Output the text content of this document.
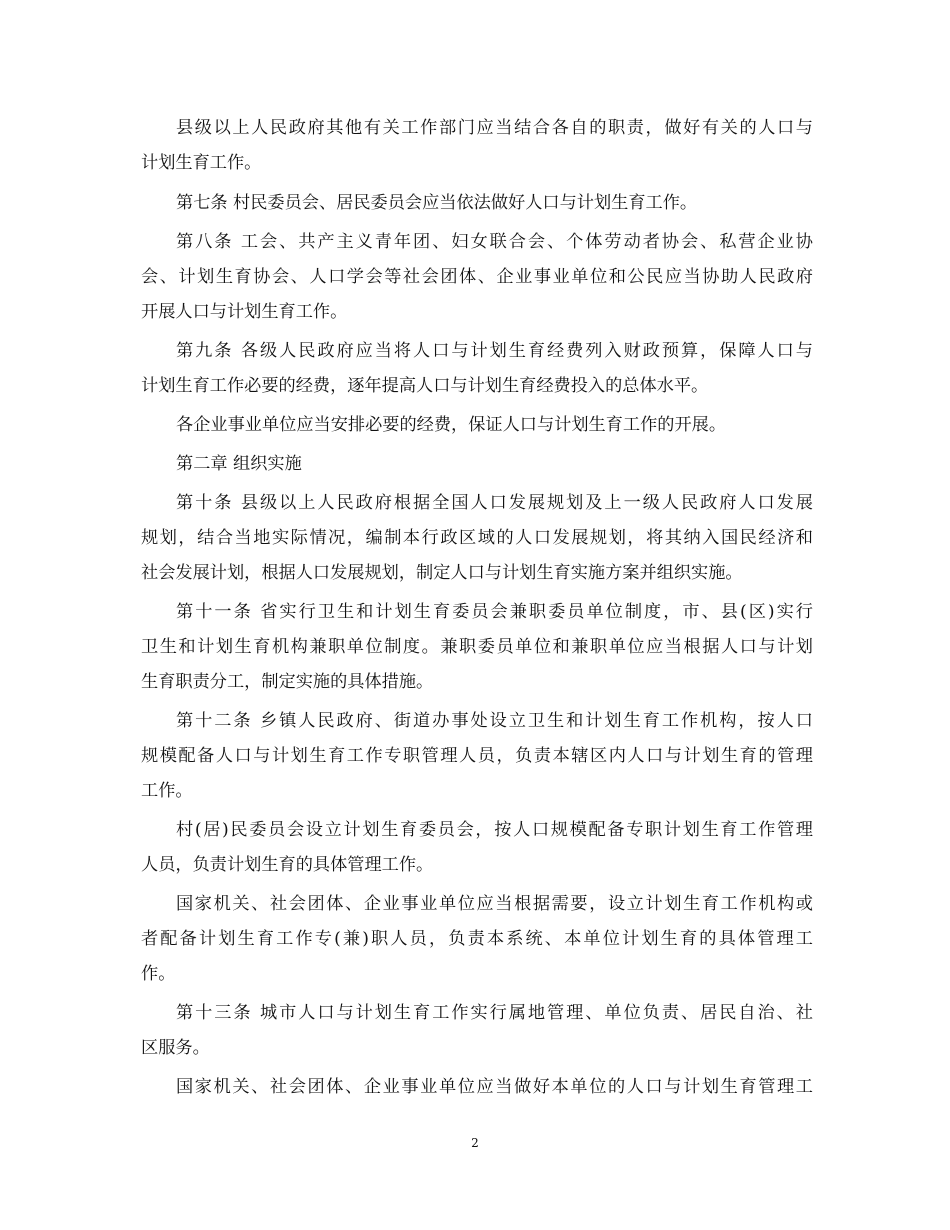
县级以上人民政府其他有关工作部门应当结合各自的职责，做好有关的人口与
计划生育工作。
第七条 村民委员会、居民委员会应当依法做好人口与计划生育工作。
第八条 工会、共产主义青年团、妇女联合会、个体劳动者协会、私营企业协
会、计划生育协会、人口学会等社会团体、企业事业单位和公民应当协助人民政府
开展人口与计划生育工作。
第九条 各级人民政府应当将人口与计划生育经费列入财政预算，保障人口与
计划生育工作必要的经费，逐年提高人口与计划生育经费投入的总体水平。
各企业事业单位应当安排必要的经费，保证人口与计划生育工作的开展。
第二章 组织实施
第十条 县级以上人民政府根据全国人口发展规划及上一级人民政府人口发展
规划，结合当地实际情况，编制本行政区域的人口发展规划，将其纳入国民经济和
社会发展计划，根据人口发展规划，制定人口与计划生育实施方案并组织实施。
第十一条 省实行卫生和计划生育委员会兼职委员单位制度，市、县(区)实行
卫生和计划生育机构兼职单位制度。兼职委员单位和兼职单位应当根据人口与计划
生育职责分工，制定实施的具体措施。
第十二条 乡镇人民政府、街道办事处设立卫生和计划生育工作机构，按人口
规模配备人口与计划生育工作专职管理人员，负责本辖区内人口与计划生育的管理
工作。
村(居)民委员会设立计划生育委员会，按人口规模配备专职计划生育工作管理
人员，负责计划生育的具体管理工作。
国家机关、社会团体、企业事业单位应当根据需要，设立计划生育工作机构或
者配备计划生育工作专(兼)职人员，负责本系统、本单位计划生育的具体管理工
作。
第十三条 城市人口与计划生育工作实行属地管理、单位负责、居民自治、社
区服务。
国家机关、社会团体、企业事业单位应当做好本单位的人口与计划生育管理工
2
